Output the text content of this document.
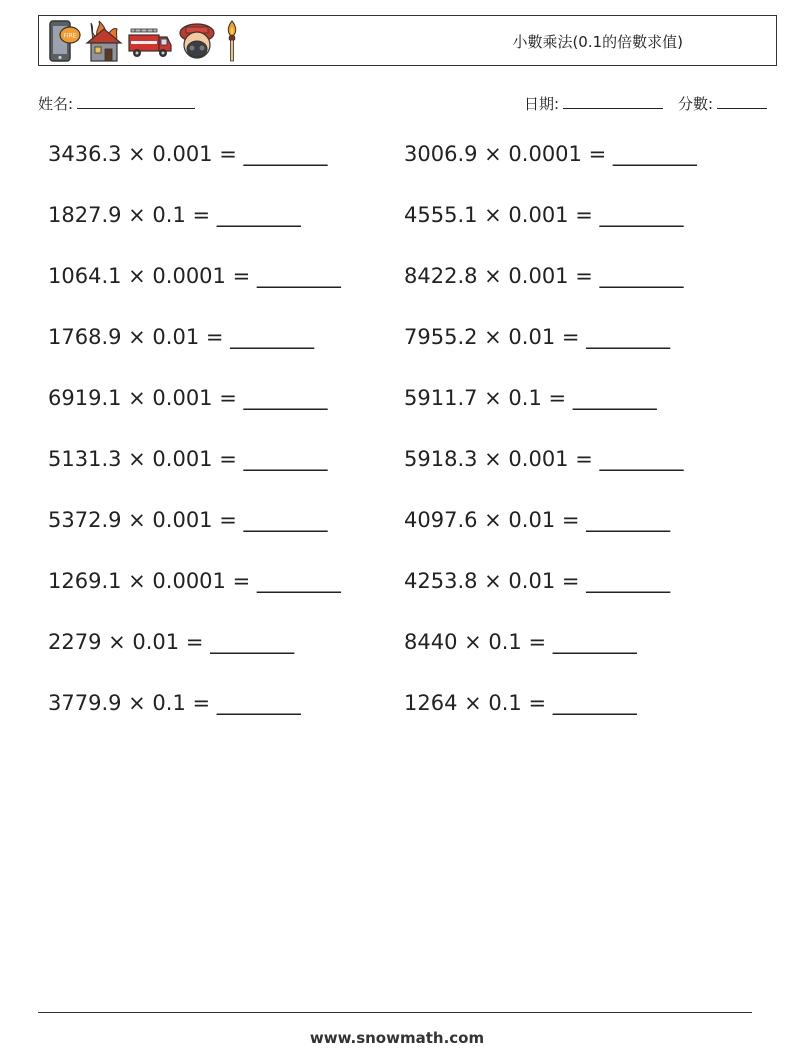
FIRE	小數乘法(0.1的倍數求值)
姓名:	日期:	分數:
3436.3 × 0.001 = ________	3006.9 × 0.0001 = ________
1827.9 × 0.1 = ________	4555.1 × 0.001 = ________
1064.1 × 0.0001 = ________	8422.8 × 0.001 = ________
1768.9 × 0.01 = ________	7955.2 × 0.01 = ________
6919.1 × 0.001 = ________	5911.7 × 0.1 = ________
5131.3 × 0.001 = ________	5918.3 × 0.001 = ________
5372.9 × 0.001 = ________	4097.6 × 0.01 = ________
1269.1 × 0.0001 = ________	4253.8 × 0.01 = ________
2279 × 0.01 = ________	8440 × 0.1 = ________
3779.9 × 0.1 = ________	1264 × 0.1 = ________
www.snowmath.com
